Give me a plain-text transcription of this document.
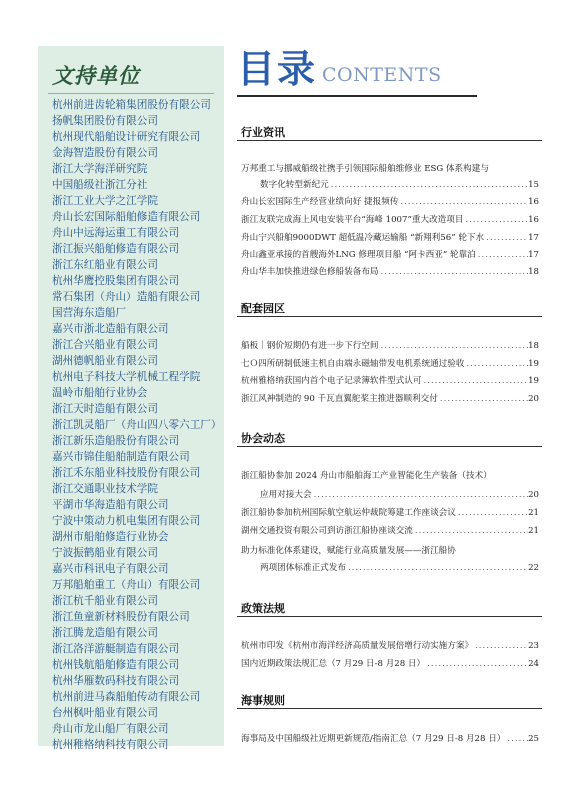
文持单位
杭州前进齿轮箱集团股份有限公司
扬帆集团股份有限公司
杭州现代船舶设计研究有限公司
金海智造股份有限公司
浙江大学海洋研究院
中国船级社浙江分社
浙江工业大学之江学院
舟山长宏国际船舶修造有限公司
舟山中远海运重工有限公司
浙江振兴船舶修造有限公司
浙江东红船业有限公司
杭州华鹰控股集团有限公司
常石集团（舟山）造船有限公司
国营海东造船厂
嘉兴市浙北造船有限公司
浙江合兴船业有限公司
湖州德帆船业有限公司
杭州电子科技大学机械工程学院
温岭市船舶行业协会
浙江天时造船有限公司
浙江凯灵船厂（舟山四八零六工厂）
浙江新乐造船股份有限公司
嘉兴市锦佳船舶制造有限公司
浙江禾东船业科技股份有限公司
浙江交通职业技术学院
平湖市华海造船有限公司
宁波中策动力机电集团有限公司
湖州市船舶修造行业协会
宁波振鹤船业有限公司
嘉兴市科讯电子有限公司
万邦船舶重工（舟山）有限公司
浙江杭千船业有限公司
浙江鱼童新材料股份有限公司
浙江腾龙造船有限公司
浙江洛洋游艇制造有限公司
杭州钱航船舶修造有限公司
杭州华雁数码科技有限公司
杭州前进马森船舶传动有限公司
台州枫叶船业有限公司
舟山市龙山船厂有限公司
杭州稚格纳科技有限公司
目录 CONTENTS
行业资讯
万邦重工与挪威船级社携手引领国际船舶维修业 ESG 体系构建与
数字化转型新纪元 .....	15
舟山长宏国际生产经营业绩向好 捷报频传 .....	16
浙江友联完成海上风电安装平台“海峰 1007”重大改造项目 .....	16
舟山宁兴船舶9000DWT 超低温冷藏运输船 “新翔利56” 轮下水 .....	17
舟山鑫亚承接的首艘海外LNG 修理项目船 “阿卡西亚” 轮靠泊 .....	17
舟山华丰加快推进绿色修船装备布局 .....	18
配套园区
船板｜钢价短期仍有进一步下行空间 .....	18
七Ｏ四所研制低速主机自由端永磁轴带发电机系统通过验收 .....	19
杭州雅格纳获国内首个电子记录簿软件型式认可 .....	19
浙江风神制造的 90 千瓦直翼舵桨主推进器顺利交付 .....	20
协会动态
浙江船协参加 2024 舟山市船舶海工产业智能化生产装备（技术）
应用对接大会 .....	20
浙江船协参加杭州国际航空航运仲裁院筹建工作座谈会议 .....	21
湖州交通投资有限公司到访浙江船协座谈交流 .....	21
助力标准化体系建设，赋能行业高质量发展——浙江船协
两项团体标准正式发布 .....	22
政策法规
杭州市印发《杭州市海洋经济高质量发展倍增行动实施方案》 .....	23
国内近期政策法规汇总（7 月29 日-8 月28 日） .....	24
海事规则
海事局及中国船级社近期更新规范/指南汇总（7 月29 日-8 月28 日） .....	25
